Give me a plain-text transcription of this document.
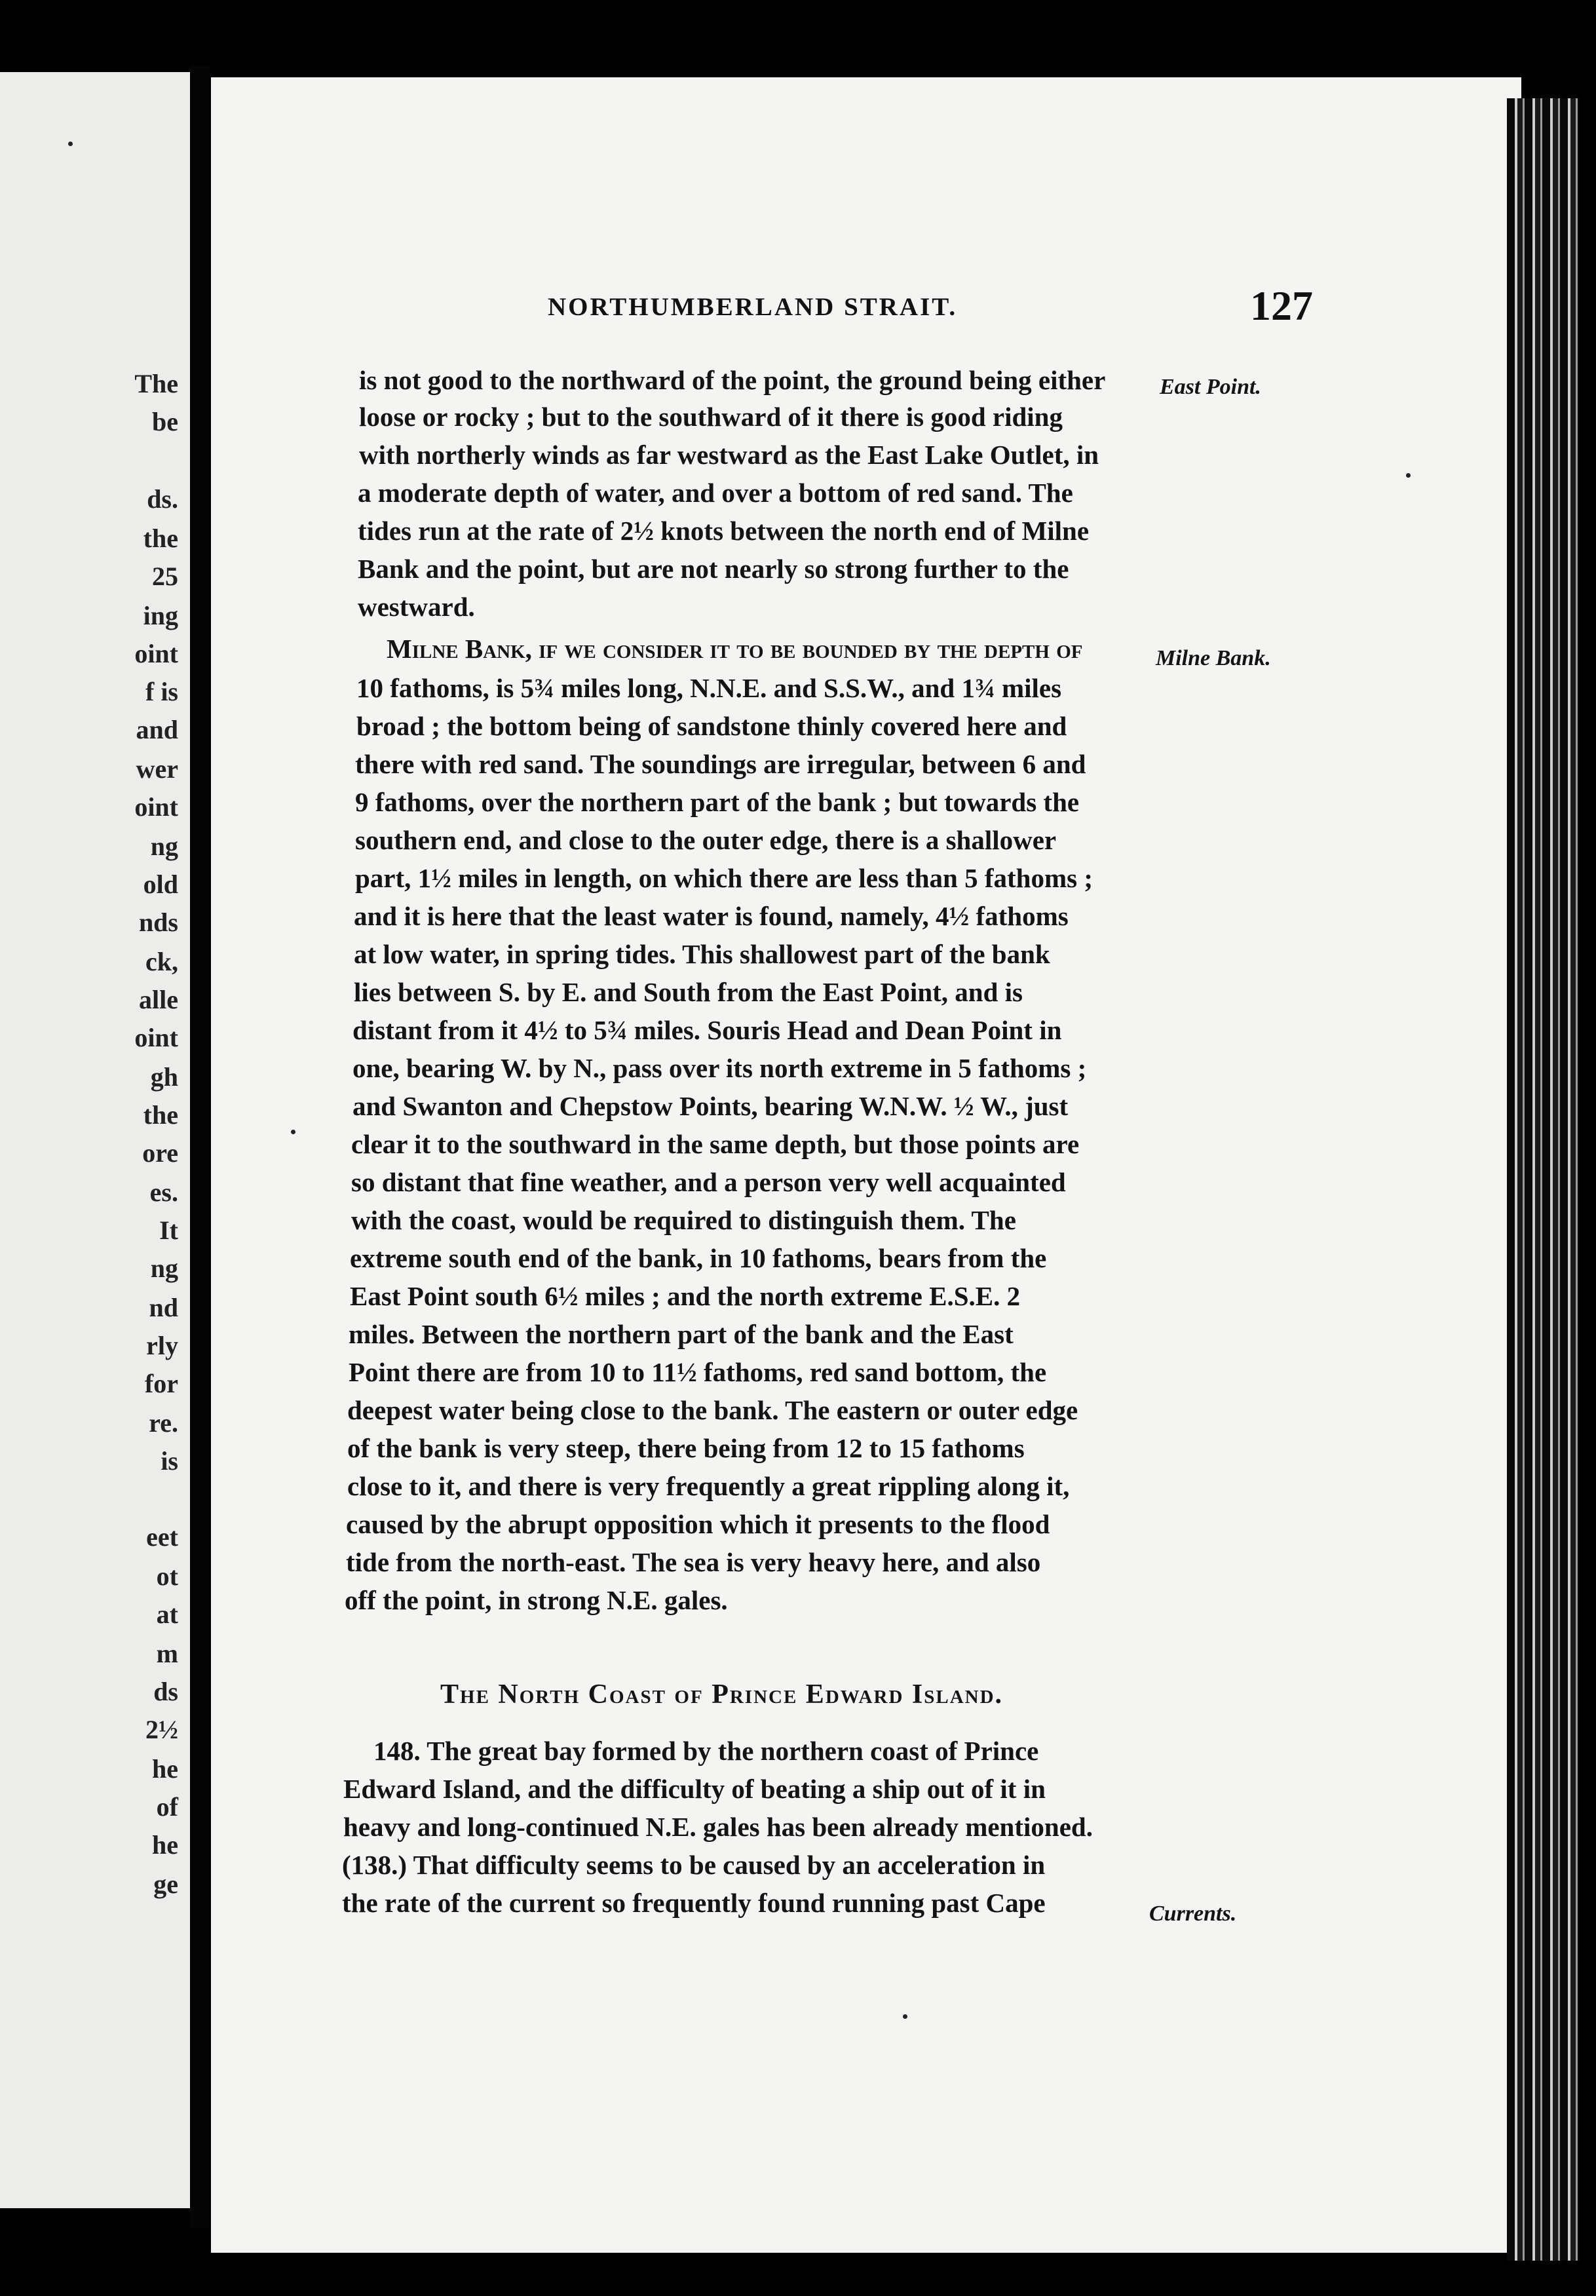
The
be
ds.
the
25
ing
oint
f is
and
wer
oint
ng
old
nds
ck,
alle
oint
gh
the
ore
es.
It
ng
nd
rly
for
re.
is
eet
ot
at
m
ds
2½
he
of
he
ge
NORTHUMBERLAND STRAIT.	127
is not good to the northward of the point, the ground being either
loose or rocky ; but to the southward of it there is good riding
with northerly winds as far westward as the East Lake Outlet, in
a moderate depth of water, and over a bottom of red sand. The
tides run at the rate of 2½ knots between the north end of Milne
Bank and the point, but are not nearly so strong further to the
westward.
Milne Bank, if we consider it to be bounded by the depth of
10 fathoms, is 5¾ miles long, N.N.E. and S.S.W., and 1¾ miles
broad ; the bottom being of sandstone thinly covered here and
there with red sand. The soundings are irregular, between 6 and
9 fathoms, over the northern part of the bank ; but towards the
southern end, and close to the outer edge, there is a shallower
part, 1½ miles in length, on which there are less than 5 fathoms ;
and it is here that the least water is found, namely, 4½ fathoms
at low water, in spring tides. This shallowest part of the bank
lies between S. by E. and South from the East Point, and is
distant from it 4½ to 5¾ miles. Souris Head and Dean Point in
one, bearing W. by N., pass over its north extreme in 5 fathoms ;
and Swanton and Chepstow Points, bearing W.N.W. ½ W., just
clear it to the southward in the same depth, but those points are
so distant that fine weather, and a person very well acquainted
with the coast, would be required to distinguish them. The
extreme south end of the bank, in 10 fathoms, bears from the
East Point south 6½ miles ; and the north extreme E.S.E. 2
miles. Between the northern part of the bank and the East
Point there are from 10 to 11½ fathoms, red sand bottom, the
deepest water being close to the bank. The eastern or outer edge
of the bank is very steep, there being from 12 to 15 fathoms
close to it, and there is very frequently a great rippling along it,
caused by the abrupt opposition which it presents to the flood
tide from the north-east. The sea is very heavy here, and also
off the point, in strong N.E. gales.
The North Coast of Prince Edward Island.
148. The great bay formed by the northern coast of Prince
Edward Island, and the difficulty of beating a ship out of it in
heavy and long-continued N.E. gales has been already mentioned.
(138.) That difficulty seems to be caused by an acceleration in
the rate of the current so frequently found running past Cape
East Point.
Milne Bank.
Currents.
